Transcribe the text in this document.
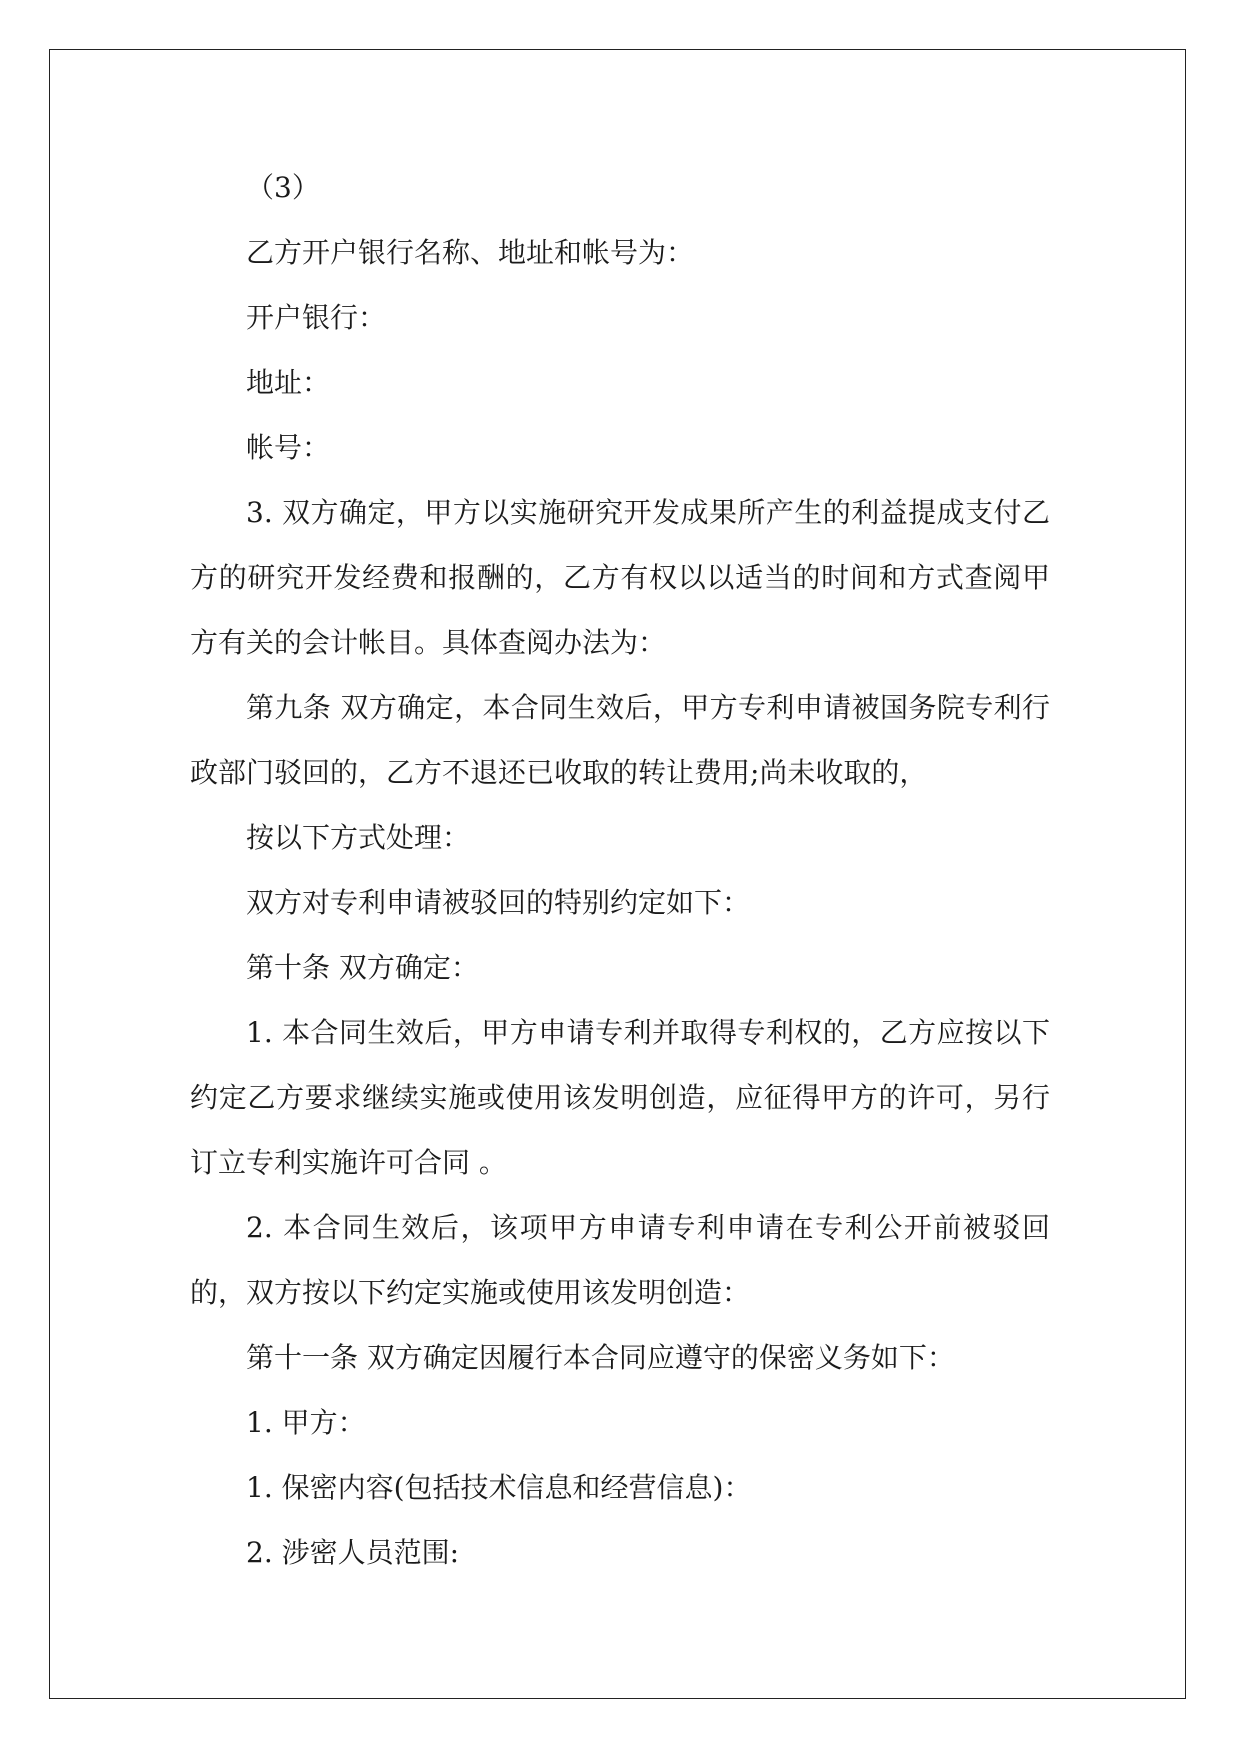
（3）

乙方开户银行名称、地址和帐号为：

开户银行：

地址：

帐号：

3. 双方确定，甲方以实施研究开发成果所产生的利益提成支付乙方的研究开发经费和报酬的，乙方有权以以适当的时间和方式查阅甲方有关的会计帐目。具体查阅办法为：

第九条 双方确定，本合同生效后，甲方专利申请被国务院专利行政部门驳回的，乙方不退还已收取的转让费用;尚未收取的，

按以下方式处理：

双方对专利申请被驳回的特别约定如下：

第十条 双方确定：

1. 本合同生效后，甲方申请专利并取得专利权的，乙方应按以下约定乙方要求继续实施或使用该发明创造，应征得甲方的许可，另行订立专利实施许可合同 。

2. 本合同生效后，该项甲方申请专利申请在专利公开前被驳回的，双方按以下约定实施或使用该发明创造：

第十一条 双方确定因履行本合同应遵守的保密义务如下：

1. 甲方：

1. 保密内容(包括技术信息和经营信息)：

2. 涉密人员范围:
